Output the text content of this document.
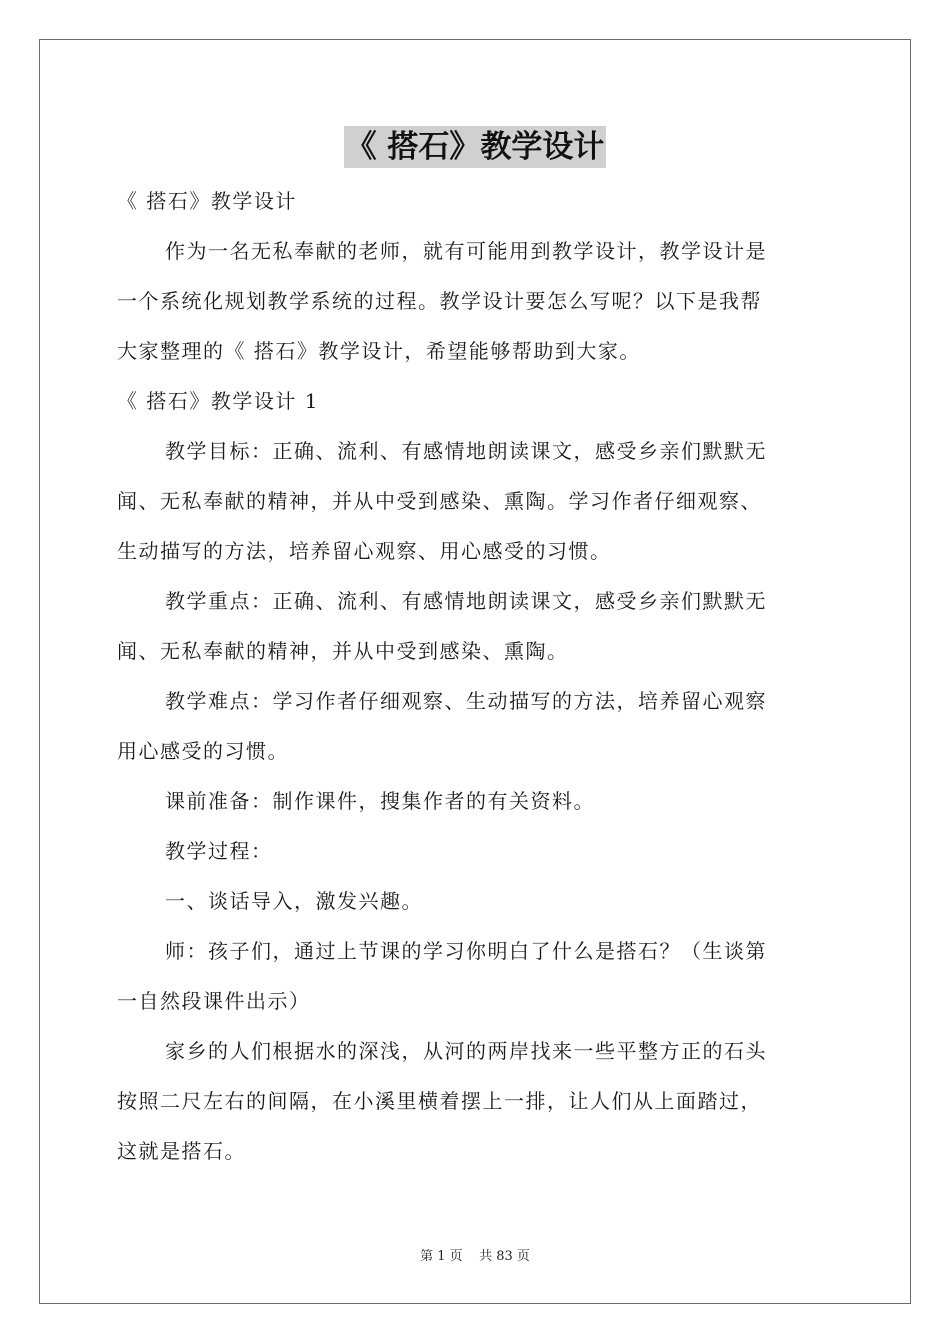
《 搭石》教学设计
《 搭石》教学设计
作为一名无私奉献的老师，就有可能用到教学设计，教学设计是
一个系统化规划教学系统的过程。教学设计要怎么写呢？以下是我帮
大家整理的《 搭石》教学设计，希望能够帮助到大家。
《 搭石》教学设计 1
教学目标：正确、流利、有感情地朗读课文，感受乡亲们默默无
闻、无私奉献的精神，并从中受到感染、熏陶。学习作者仔细观察、
生动描写的方法，培养留心观察、用心感受的习惯。
教学重点：正确、流利、有感情地朗读课文，感受乡亲们默默无
闻、无私奉献的精神，并从中受到感染、熏陶。
教学难点：学习作者仔细观察、生动描写的方法，培养留心观察
用心感受的习惯。
课前准备：制作课件，搜集作者的有关资料。
教学过程：
一、谈话导入，激发兴趣。
师：孩子们，通过上节课的学习你明白了什么是搭石？（生谈第
一自然段课件出示）
家乡的人们根据水的深浅，从河的两岸找来一些平整方正的石头
按照二尺左右的间隔，在小溪里横着摆上一排，让人们从上面踏过，
这就是搭石。
第 1 页    共 83 页
